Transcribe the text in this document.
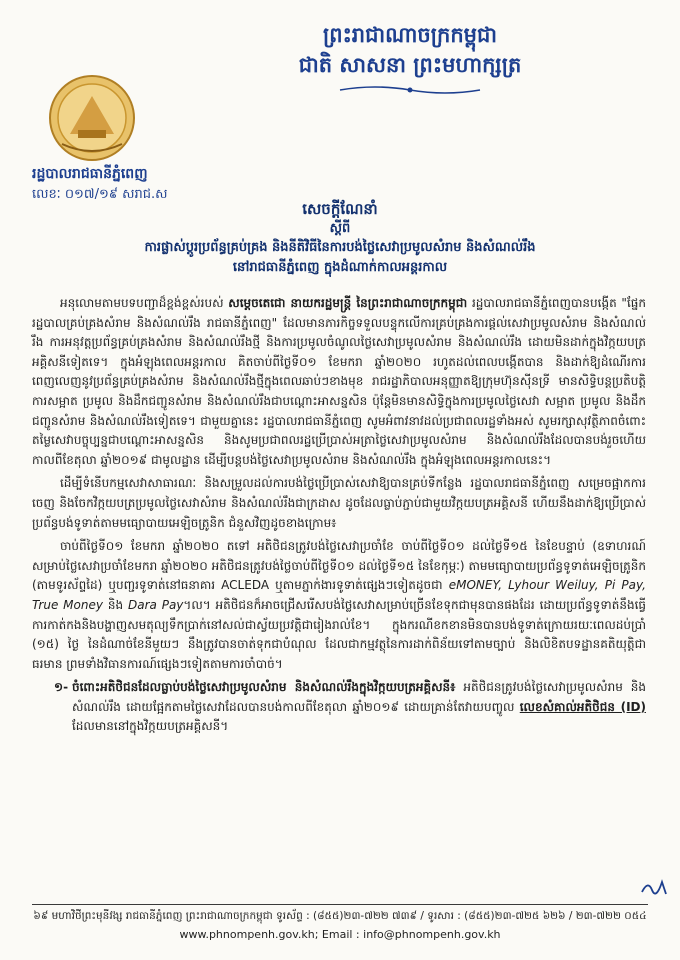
ព្រះរាជាណាចក្រកម្ពុជា
ជាតិ សាសនា ព្រះមហាក្សត្រ
រដ្ឋបាលរាជធានីភ្នំពេញ
លេខៈ ០១៧/១៩ សរាជ.ស
សេចក្ដីណែនាំ
ស្ដីពី
ការផ្លាស់ប្ដូរប្រព័ន្ធគ្រប់គ្រង និងនីតិវិធីនៃការបង់ថ្លៃសេវាប្រមូលសំរាម និងសំណល់រឹង
នៅរាជធានីភ្នំពេញ ក្នុងដំណាក់កាលអន្តរកាល

អនុលោមតាមបទបញ្ជាដ៏ខ្ពង់ខ្ពស់របស់ សម្ដេចតេជោ នាយករដ្ឋមន្ត្រី នៃព្រះរាជាណាចក្រកម្ពុជា រដ្ឋបាលរាជធានីភ្នំពេញបានបង្កើត "ផ្នែករដ្ឋបាលគ្រប់គ្រងសំរាម និងសំណល់រឹង រាជធានីភ្នំពេញ" ដែលមានភារកិច្ចទទួលបន្ទុកលើការគ្រប់គ្រងការផ្ដល់សេវាប្រមូលសំរាម និងសំណល់រឹង ការអនុវត្តប្រព័ន្ធគ្រប់គ្រងសំរាម និងសំណល់រឹងថ្មី និងការប្រមូលចំណូលថ្លៃសេវាប្រមូលសំរាម និងសំណល់រឹង ដោយមិនដាក់ក្នុងវិក្កយបត្រអគ្គិសនីទៀតទេ។ ក្នុងអំឡុងពេលអន្តរកាល គិតចាប់ពីថ្ងៃទី០១ ខែមករា ឆ្នាំ២០២០ រហូតដល់ពេលបង្កើតបាន និងដាក់ឱ្យដំណើរការពេញលេញនូវប្រព័ន្ធគ្រប់គ្រងសំរាម និងសំណល់រឹងថ្មីក្នុងពេលឆាប់ៗខាងមុខ រាជរដ្ឋាភិបាលអនុញ្ញាតឱ្យក្រុមហ៊ុនស៊ីនទ្រី មានសិទ្ធិបន្តប្រតិបត្តិការសម្អាត ប្រមូល និងដឹកជញ្ជូនសំរាម និងសំណល់រឹងជាបណ្ដោះអាសន្នសិន ប៉ុន្តែមិនមានសិទ្ធិក្នុងការប្រមូលថ្លៃសេវា សម្អាត ប្រមូល និងដឹកជញ្ជូនសំរាម និងសំណល់រឹងទៀតទេ។ ជាមួយគ្នានេះ រដ្ឋបាលរាជធានីភ្នំពេញ សូមអំពាវនាវដល់ប្រជាពលរដ្ឋទាំងអស់ សូមរក្សាសុវត្ថិភាពចំពោះតម្លៃសេវាបច្ចុប្បន្នជាបណ្ដោះអាសន្នសិន និងសូមប្រជាពលរដ្ឋប្រើប្រាស់អត្រាថ្លៃសេវាប្រមូលសំរាម និងសំណល់រឹងដែលបានបង់រួចហើយកាលពីខែតុលា ឆ្នាំ២០១៩ ជាមូលដ្ឋាន ដើម្បីបន្តបង់ថ្លៃសេវាប្រមូលសំរាម និងសំណល់រឹង ក្នុងអំឡុងពេលអន្តរកាលនេះ។

ដើម្បីទំនើបកម្មសេវាសាធារណៈ និងសម្រួលដល់ការបង់ថ្លៃប្រើប្រាស់សេវាឱ្យបានគ្រប់ទីកន្លែង រដ្ឋបាលរាជធានីភ្នំពេញ សម្រេចផ្អាកការចេញ និងចែកវិក្កយបត្រប្រមូលថ្លៃសេវាសំរាម និងសំណល់រឹងជាក្រដាស ដូចដែលធ្លាប់ភ្ជាប់ជាមួយវិក្កយបត្រអគ្គិសនី ហើយនឹងដាក់ឱ្យប្រើប្រាស់ប្រព័ន្ធបង់ទូទាត់តាមមធ្យោបាយអេឡិចត្រូនិក ជំនួសវិញដូចខាងក្រោម៖

ចាប់ពីថ្ងៃទី០១ ខែមករា ឆ្នាំ២០២០ តទៅ អតិថិជនត្រូវបង់ថ្លៃសេវាប្រចាំខែ ចាប់ពីថ្ងៃទី០១ ដល់ថ្ងៃទី១៥ នៃខែបន្ទាប់ (ឧទាហរណ៍ សម្រាប់ថ្លៃសេវាប្រចាំខែមករា ឆ្នាំ២០២០ អតិថិជនត្រូវបង់ថ្លៃចាប់ពីថ្ងៃទី០១ ដល់ថ្ងៃទី១៥ នៃខែកុម្ភៈ) តាមមធ្យោបាយប្រព័ន្ធទូទាត់អេឡិចត្រូនិក (តាមទូរស័ព្ទដៃ) ឬបញ្ជរទូទាត់នៅធនាគារ ACLEDA ឬតាមភ្នាក់ងារទូទាត់ផ្សេងៗទៀតដូចជា eMONEY, Lyhour Weiluy, Pi Pay, True Money និង Dara Pay។ល។ អតិថិជនក៏អាចជ្រើសរើសបង់ថ្លៃសេវាសម្រាប់ច្រើនខែទុកជាមុនបានផងដែរ ដោយប្រព័ន្ធទូទាត់នឹងធ្វើការកាត់កងនិងបង្ហាញសមតុល្យទឹកប្រាក់នៅសល់ជាស្វ័យប្រវត្តិជារៀងរាល់ខែ។ ក្នុងករណីខកខានមិនបានបង់ទូទាត់ក្រោយរយៈពេលដប់ប្រាំ (១៥) ថ្ងៃ នៃដំណាច់ខែនីមួយៗ នឹងត្រូវបានចាត់ទុកជាបំណុល ដែលជាកម្មវត្ថុនៃការដាក់ពិន័យទៅតាមច្បាប់ និងលិខិតបទដ្ឋានគតិយុត្តិជាធរមាន ព្រមទាំងវិធានការណ៍ផ្សេងៗទៀតតាមការចាំបាច់។

១- ចំពោះអតិថិជនដែលធ្លាប់បង់ថ្លៃសេវាប្រមូលសំរាម និងសំណល់រឹងក្នុងវិក្កយបត្រអគ្គិសនី៖ អតិថិជនត្រូវបង់ថ្លៃសេវាប្រមូលសំរាម និងសំណល់រឹង ដោយផ្អែកតាមថ្លៃសេវាដែលបានបង់កាលពីខែតុលា ឆ្នាំ២០១៩ ដោយគ្រាន់តែវាយបញ្ចូល លេខសំគាល់អតិថិជន (ID) ដែលមាននៅក្នុងវិក្កយបត្រអគ្គិសនី។

៦៩ មហាវិថីព្រះមុនីវង្ស រាជធានីភ្នំពេញ ព្រះរាជាណាចក្រកម្ពុជា ទូរស័ព្ទ : (៨៥៥)២៣-៧២២ ៧៣៩ / ទូរសារ : (៨៥៥)២៣-៧២៥ ៦២៦ / ២៣-៧២២ ០៥៤
www.phnompenh.gov.kh; Email : info@phnompenh.gov.kh
